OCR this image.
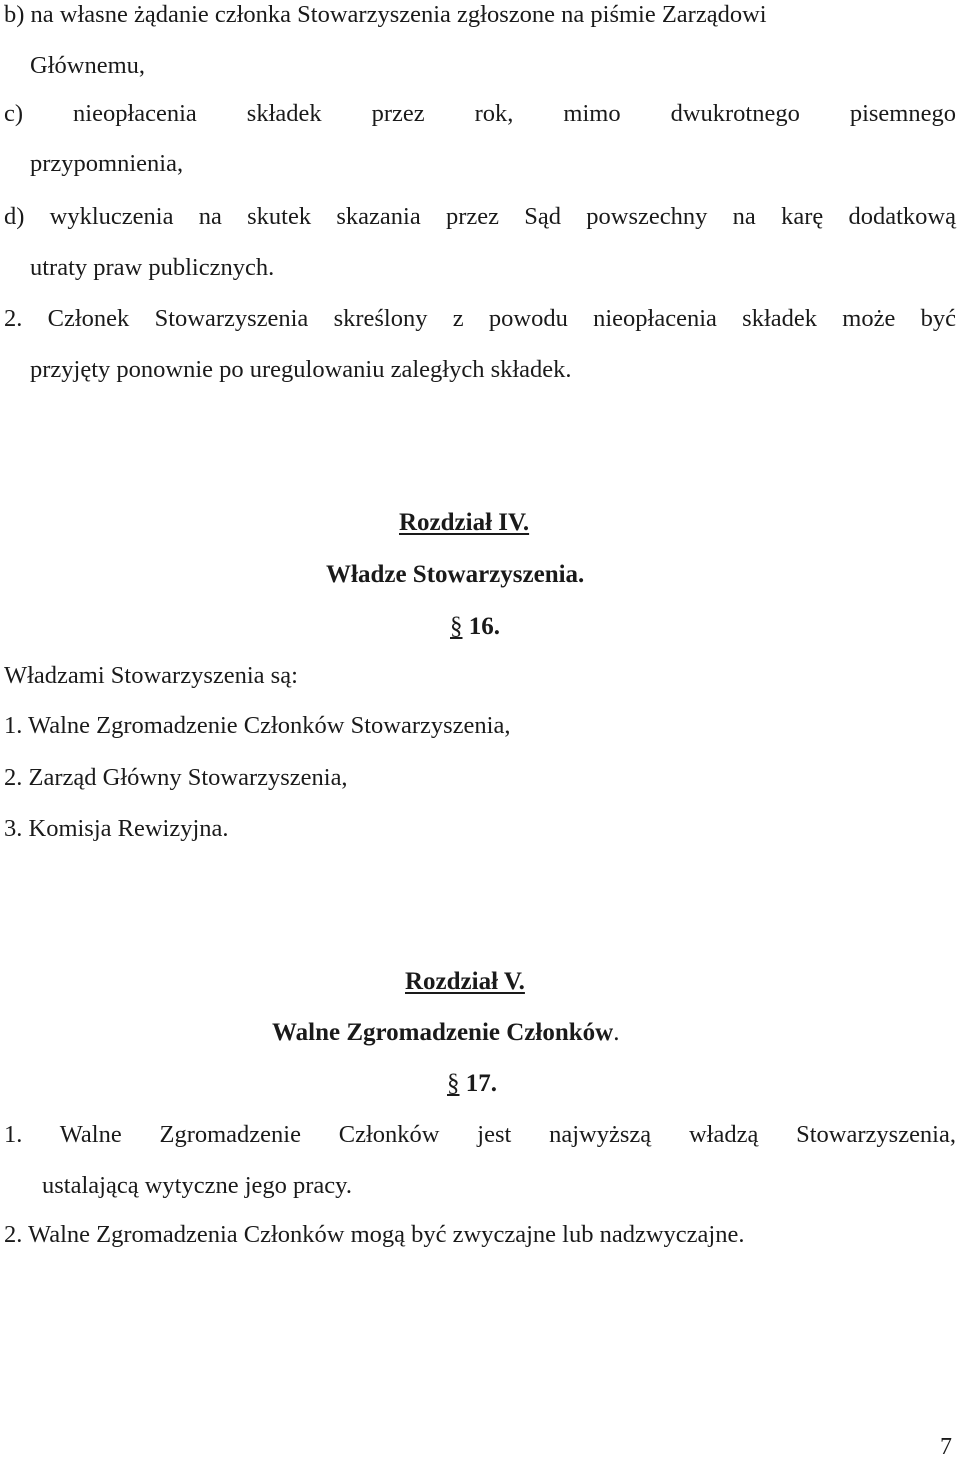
b) na własne żądanie członka Stowarzyszenia zgłoszone na piśmie Zarządowi
Głównemu,
c) nieopłacenia składek przez rok, mimo dwukrotnego pisemnego
przypomnienia,
d) wykluczenia na skutek skazania przez Sąd powszechny na karę dodatkową
utraty praw publicznych.
2. Członek Stowarzyszenia skreślony z powodu nieopłacenia składek może być
przyjęty ponownie po uregulowaniu zaległych składek.
Rozdział IV.
Władze Stowarzyszenia.
§ 16.
Władzami Stowarzyszenia są:
1. Walne Zgromadzenie Członków Stowarzyszenia,
2. Zarząd Główny Stowarzyszenia,
3. Komisja Rewizyjna.
Rozdział V.
Walne Zgromadzenie Członków.
§ 17.
1. Walne Zgromadzenie Członków jest najwyższą władzą Stowarzyszenia,
ustalającą wytyczne jego pracy.
2. Walne Zgromadzenia Członków mogą być zwyczajne lub nadzwyczajne.
7
